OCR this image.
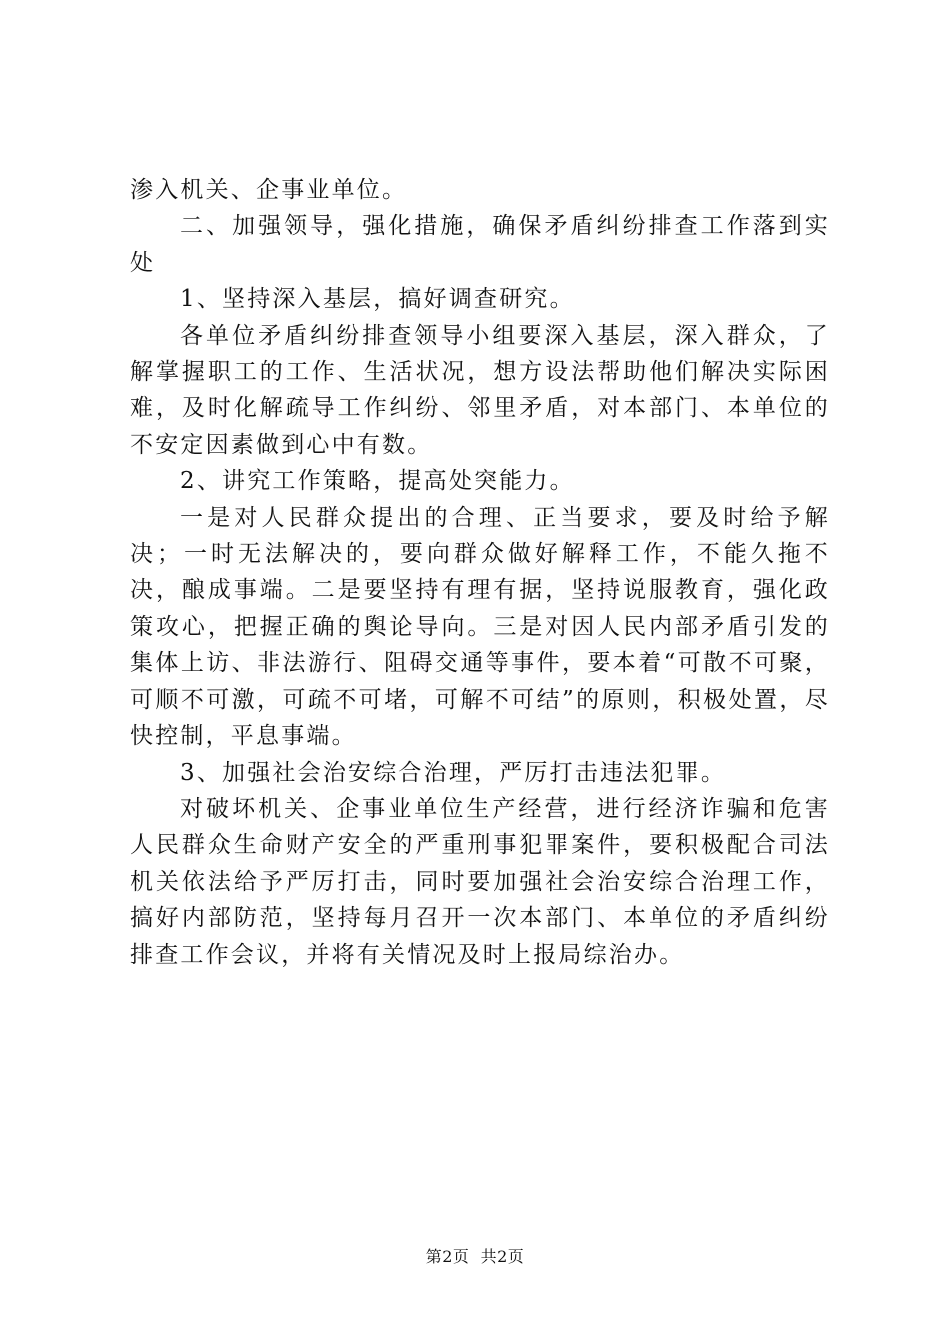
渗入机关、企事业单位。

二、加强领导，强化措施，确保矛盾纠纷排查工作落到实处

1、坚持深入基层，搞好调查研究。

各单位矛盾纠纷排查领导小组要深入基层，深入群众，了解掌握职工的工作、生活状况，想方设法帮助他们解决实际困难，及时化解疏导工作纠纷、邻里矛盾，对本部门、本单位的不安定因素做到心中有数。

2、讲究工作策略，提高处突能力。

一是对人民群众提出的合理、正当要求，要及时给予解决；一时无法解决的，要向群众做好解释工作，不能久拖不决，酿成事端。二是要坚持有理有据，坚持说服教育，强化政策攻心，把握正确的舆论导向。三是对因人民内部矛盾引发的集体上访、非法游行、阻碍交通等事件，要本着“可散不可聚，可顺不可激，可疏不可堵，可解不可结”的原则，积极处置，尽快控制，平息事端。

3、加强社会治安综合治理，严厉打击违法犯罪。

对破坏机关、企事业单位生产经营，进行经济诈骗和危害人民群众生命财产安全的严重刑事犯罪案件，要积极配合司法机关依法给予严厉打击，同时要加强社会治安综合治理工作，搞好内部防范，坚持每月召开一次本部门、本单位的矛盾纠纷排查工作会议，并将有关情况及时上报局综治办。

第2页  共2页
